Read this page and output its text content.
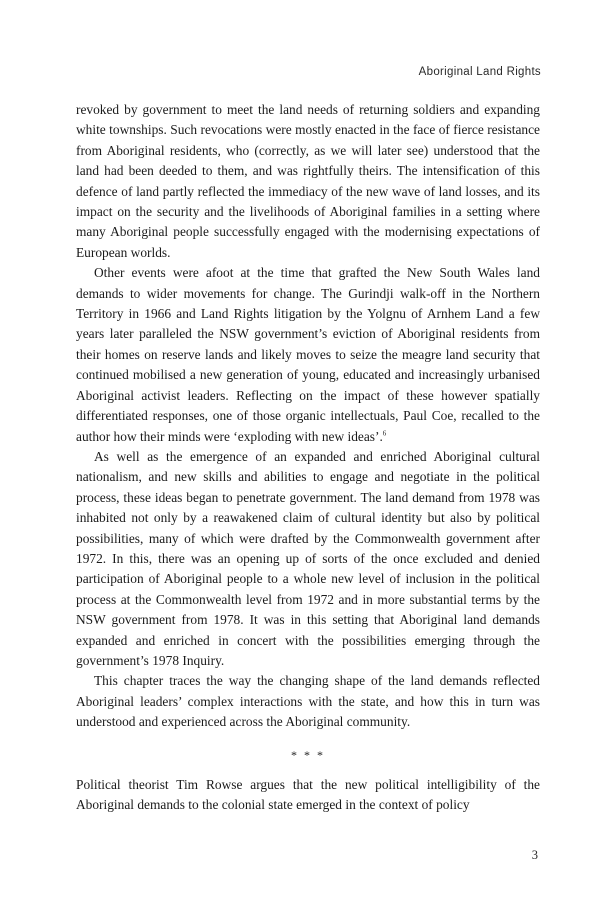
Aboriginal Land Rights

revoked by government to meet the land needs of returning soldiers and expanding white townships. Such revocations were mostly enacted in the face of fierce resistance from Aboriginal residents, who (correctly, as we will later see) understood that the land had been deeded to them, and was rightfully theirs. The intensification of this defence of land partly reflected the immediacy of the new wave of land losses, and its impact on the security and the livelihoods of Aboriginal families in a setting where many Aboriginal people successfully engaged with the modernising expectations of European worlds.

Other events were afoot at the time that grafted the New South Wales land demands to wider movements for change. The Gurindji walk-off in the Northern Territory in 1966 and Land Rights litigation by the Yolgnu of Arnhem Land a few years later paralleled the NSW government’s eviction of Aboriginal residents from their homes on reserve lands and likely moves to seize the meagre land security that continued mobilised a new generation of young, educated and increasingly urbanised Aboriginal activist leaders. Reflecting on the impact of these however spatially differentiated responses, one of those organic intellectuals, Paul Coe, recalled to the author how their minds were ‘exploding with new ideas’.$^6$

As well as the emergence of an expanded and enriched Aboriginal cultural nationalism, and new skills and abilities to engage and negotiate in the political process, these ideas began to penetrate government. The land demand from 1978 was inhabited not only by a reawakened claim of cultural identity but also by political possibilities, many of which were drafted by the Commonwealth government after 1972. In this, there was an opening up of sorts of the once excluded and denied participation of Aboriginal people to a whole new level of inclusion in the political process at the Commonwealth level from 1972 and in more substantial terms by the NSW government from 1978. It was in this setting that Aboriginal land demands expanded and enriched in concert with the possibilities emerging through the government’s 1978 Inquiry.

This chapter traces the way the changing shape of the land demands reflected Aboriginal leaders’ complex interactions with the state, and how this in turn was understood and experienced across the Aboriginal community.

* * *

Political theorist Tim Rowse argues that the new political intelligibility of the Aboriginal demands to the colonial state emerged in the context of policy

3
